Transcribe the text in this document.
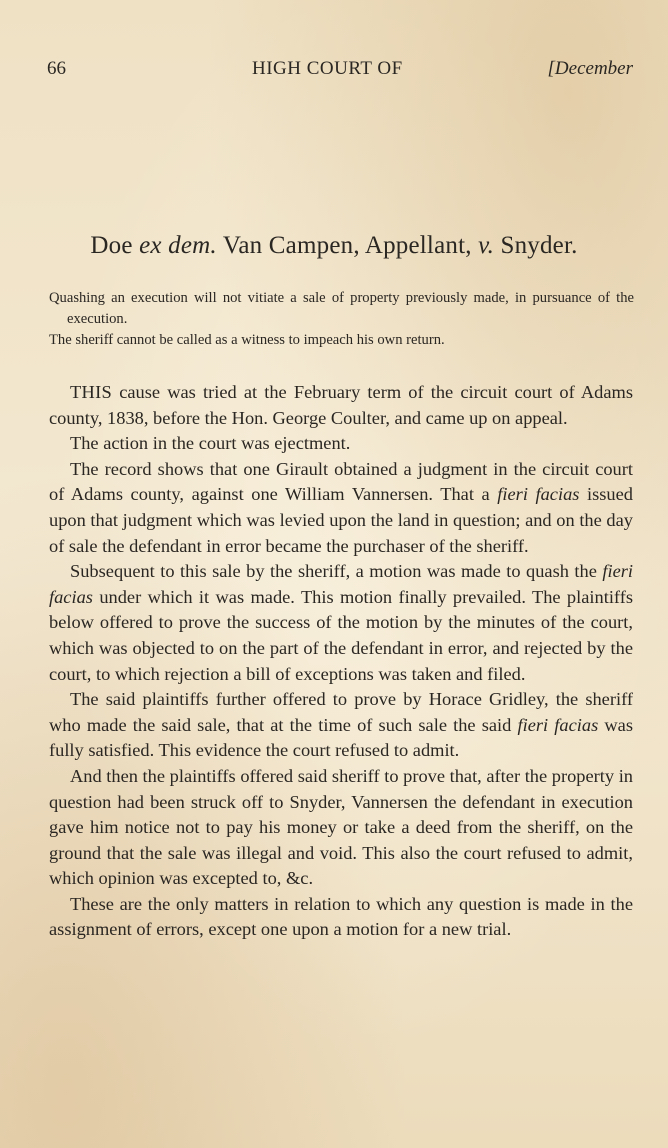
66	HIGH COURT OF	[December
Doe ex dem. Van Campen, Appellant, v. Snyder.

Quashing an execution will not vitiate a sale of property previously made, in pursuance of the execution.

The sheriff cannot be called as a witness to impeach his own return.

THIS cause was tried at the February term of the circuit court of Adams county, 1838, before the Hon. George Coulter, and came up on appeal.

The action in the court was ejectment.

The record shows that one Girault obtained a judgment in the circuit court of Adams county, against one William Vannersen. That a fieri facias issued upon that judgment which was levied upon the land in question; and on the day of sale the defendant in error became the purchaser of the sheriff.

Subsequent to this sale by the sheriff, a motion was made to quash the fieri facias under which it was made. This motion finally prevailed. The plaintiffs below offered to prove the success of the motion by the minutes of the court, which was objected to on the part of the defendant in error, and rejected by the court, to which rejection a bill of exceptions was taken and filed.

The said plaintiffs further offered to prove by Horace Gridley, the sheriff who made the said sale, that at the time of such sale the said fieri facias was fully satisfied. This evidence the court refused to admit.

And then the plaintiffs offered said sheriff to prove that, after the property in question had been struck off to Snyder, Vannersen the defendant in execution gave him notice not to pay his money or take a deed from the sheriff, on the ground that the sale was illegal and void. This also the court refused to admit, which opinion was excepted to, &c.

These are the only matters in relation to which any question is made in the assignment of errors, except one upon a motion for a new trial.
